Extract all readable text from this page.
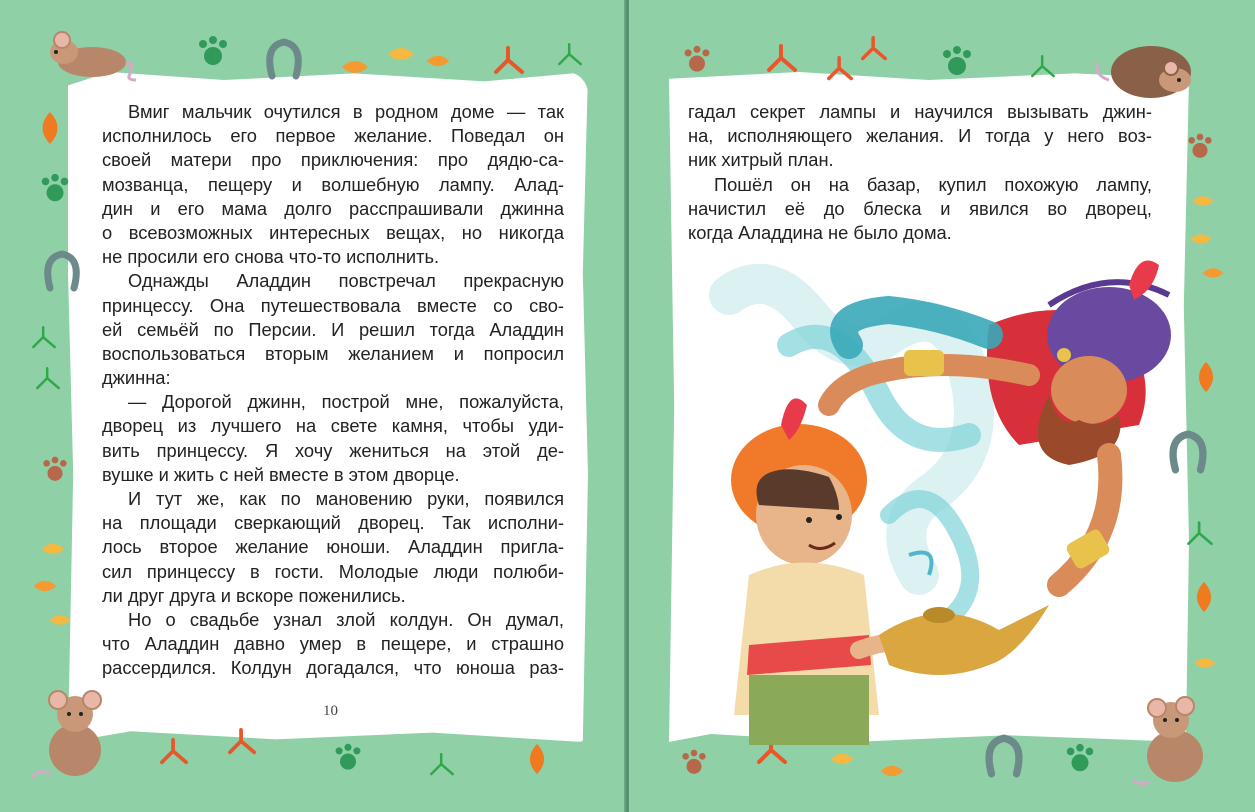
Вмиг мальчик очутился в родном доме — так
исполнилось его первое желание. Поведал он
своей матери про приключения: про дядю-са-
мозванца, пещеру и волшебную лампу. Алад-
дин и его мама долго расспрашивали джинна
о всевозможных интересных вещах, но никогда
не просили его снова что-то исполнить.
Однажды Аладдин повстречал прекрасную
принцессу. Она путешествовала вместе со сво-
ей семьёй по Персии. И решил тогда Аладдин
воспользоваться вторым желанием и попросил
джинна:
— Дорогой джинн, построй мне, пожалуйста,
дворец из лучшего на свете камня, чтобы уди-
вить принцессу. Я хочу жениться на этой де-
вушке и жить с ней вместе в этом дворце.
И тут же, как по мановению руки, появился
на площади сверкающий дворец. Так исполни-
лось второе желание юноши. Аладдин пригла-
сил принцессу в гости. Молодые люди полюби-
ли друг друга и вскоре поженились.
Но о свадьбе узнал злой колдун. Он думал,
что Аладдин давно умер в пещере, и страшно
рассердился. Колдун догадался, что юноша раз-
10
гадал секрет лампы и научился вызывать джин-
на, исполняющего желания. И тогда у него воз-
ник хитрый план.
Пошёл он на базар, купил похожую лампу,
начистил её до блеска и явился во дворец,
когда Аладдина не было дома.
